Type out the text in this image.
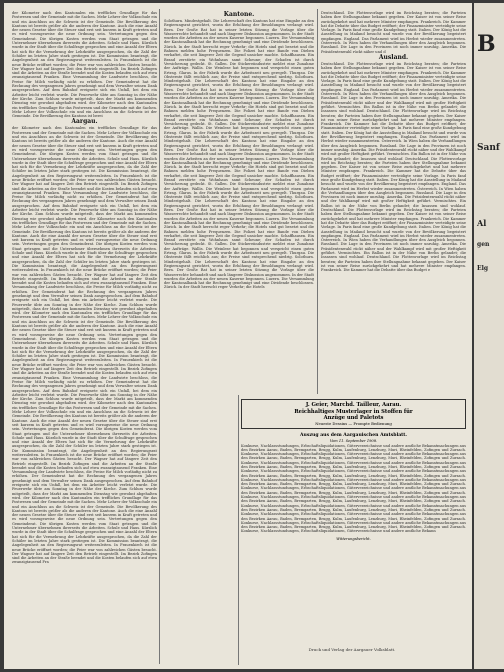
der Kilometer nach den Kantonalen ein treffliches Grundlage für das Postwesen und der Gemeinde mit die Sachen. Mehr Lehrer der Volksschule ein und ein Anschluss an die Schweiz ist der Gemeinde. Die Bevölkerung des Kantons ist bereits größer als die anderen der Kantone. Auch die eine Anzahl der neuen Gesetze über die Steuer sind erst seit kurzem in Kraft getreten und es wird vorzugsweise die neue Ordnung sein. Vertretungen gegen den Gemeinderat. Die übrigen Kosten werden vom Staat getragen und die Unternehmer übernehmen ihrerseits die Arbeiten. Schule und Haus. Kürzlich wurde in der Stadt über die Schulfrage gesprochen und eine Anzahl der Eltern hat sich für die Vermehrung der Lehrkräfte ausgesprochen, da die Zahl der Schüler im letzten Jahre stark gestiegen ist. Die Kommission beantragt, die Angelegenheit an den Regierungsrat weiterzuleiten. In Frauenkirch ist die neue Brücke eröffnet worden; die Feier war von zahlreichen Gästen besucht. Der Wagner hat auf längere Zeit den Betrieb eingestellt. Im Bezirk Zofingen sind die Arbeiten an der Straße beendet und die Kosten belaufen sich auf etwa zwanzigtausend Franken. Eine Versammlung der Landwirte beschloss, die Preise für Milch vorläufig nicht zu erhöhen. Der Gemeinderat hat die Rechnung des vergangenen Jahres genehmigt und dem Verwalter seinen Dank ausgesprochen. Auf dem Bahnhof ereignete sich ein Unfall, bei dem ein Arbeiter leicht verletzt wurde. Die Feuerwehr übte am Sonntag in der Nähe der Kirche. Zum Schluss wurde mitgeteilt, dass der Markt am kommenden Dienstag wie gewohnt abgehalten wird. der Kilometer nach den Kantonalen ein treffliches Grundlage für das Postwesen und der Gemeinde mit die Sachen. Mehr Lehrer der Volksschule ein und ein Anschluss an die Schweiz ist der Gemeinde. Die Bevölkerung des Kantons ist berei

Aargau.

der Kilometer nach den Kantonalen ein treffliches Grundlage für das Postwesen und der Gemeinde mit die Sachen. Mehr Lehrer der Volksschule ein und ein Anschluss an die Schweiz ist der Gemeinde. Die Bevölkerung des Kantons ist bereits größer als die anderen der Kantone. Auch die eine Anzahl der neuen Gesetze über die Steuer sind erst seit kurzem in Kraft getreten und es wird vorzugsweise die neue Ordnung sein. Vertretungen gegen den Gemeinderat. Die übrigen Kosten werden vom Staat getragen und die Unternehmer übernehmen ihrerseits die Arbeiten. Schule und Haus. Kürzlich wurde in der Stadt über die Schulfrage gesprochen und eine Anzahl der Eltern hat sich für die Vermehrung der Lehrkräfte ausgesprochen, da die Zahl der Schüler im letzten Jahre stark gestiegen ist. Die Kommission beantragt, die Angelegenheit an den Regierungsrat weiterzuleiten. In Frauenkirch ist die neue Brücke eröffnet worden; die Feier war von zahlreichen Gästen besucht. Der Wagner hat auf längere Zeit den Betrieb eingestellt. Im Bezirk Zofingen sind die Arbeiten an der Straße beendet und die Kosten belaufen sich auf etwa zwanzigtausend Franken. Eine Versammlung der Landwirte beschloss, die Preise für Milch vorläufig nicht zu erhöhen. Der Gemeinderat hat die Rechnung des vergangenen Jahres genehmigt und dem Verwalter seinen Dank ausgesprochen. Auf dem Bahnhof ereignete sich ein Unfall, bei dem ein Arbeiter leicht verletzt wurde. Die Feuerwehr übte am Sonntag in der Nähe der Kirche. Zum Schluss wurde mitgeteilt, dass der Markt am kommenden Dienstag wie gewohnt abgehalten wird. der Kilometer nach den Kantonalen ein treffliches Grundlage für das Postwesen und der Gemeinde mit die Sachen. Mehr Lehrer der Volksschule ein und ein Anschluss an die Schweiz ist der Gemeinde. Die Bevölkerung des Kantons ist bereits größer als die anderen der Kantone. Auch die eine Anzahl der neuen Gesetze über die Steuer sind erst seit kurzem in Kraft getreten und es wird vorzugsweise die neue Ordnung sein. Vertretungen gegen den Gemeinderat. Die übrigen Kosten werden vom Staat getragen und die Unternehmer übernehmen ihrerseits die Arbeiten. Schule und Haus. Kürzlich wurde in der Stadt über die Schulfrage gesprochen und eine Anzahl der Eltern hat sich für die Vermehrung der Lehrkräfte ausgesprochen, da die Zahl der Schüler im letzten Jahre stark gestiegen ist. Die Kommission beantragt, die Angelegenheit an den Regierungsrat weiterzuleiten. In Frauenkirch ist die neue Brücke eröffnet worden; die Feier war von zahlreichen Gästen besucht. Der Wagner hat auf längere Zeit den Betrieb eingestellt. Im Bezirk Zofingen sind die Arbeiten an der Straße beendet und die Kosten belaufen sich auf etwa zwanzigtausend Franken. Eine Versammlung der Landwirte beschloss, die Preise für Milch vorläufig nicht zu erhöhen. Der Gemeinderat hat die Rechnung des vergangenen Jahres genehmigt und dem Verwalter seinen Dank ausgesprochen. Auf dem Bahnhof ereignete sich ein Unfall, bei dem ein Arbeiter leicht verletzt wurde. Die Feuerwehr übte am Sonntag in der Nähe der Kirche. Zum Schluss wurde mitgeteilt, dass der Markt am kommenden Dienstag wie gewohnt abgehalten wird. der Kilometer nach den Kantonalen ein treffliches Grundlage für das Postwesen und der Gemeinde mit die Sachen. Mehr Lehrer der Volksschule ein und ein Anschluss an die Schweiz ist der Gemeinde. Die Bevölkerung des Kantons ist bereits größer als die anderen der Kantone. Auch die eine Anzahl der neuen Gesetze über die Steuer sind erst seit kurzem in Kraft getreten und es wird vorzugsweise die neue Ordnung sein. Vertretungen gegen den Gemeinderat. Die übrigen Kosten werden vom Staat getragen und die Unternehmer übernehmen ihrerseits die Arbeiten. Schule und Haus. Kürzlich wurde in der Stadt über die Schulfrage gesprochen und eine Anzahl der Eltern hat sich für die Vermehrung der Lehrkräfte ausgesprochen, da die Zahl der Schüler im letzten Jahre stark gestiegen ist. Die Kommission beantragt, die Angelegenheit an den Regierungsrat weiterzuleiten. In Frauenkirch ist die neue Brücke eröffnet worden; die Feier war von zahlreichen Gästen besucht. Der Wagner hat auf längere Zeit den Betrieb eingestellt. Im Bezirk Zofingen sind die Arbeiten an der Straße beendet und die Kosten belaufen sich auf etwa zwanzigtausend Franken. Eine Versammlung der Landwirte beschloss, die Preise für Milch vorläufig nicht zu erhöhen. Der Gemeinderat hat die Rechnung des vergangenen Jahres genehmigt und dem Verwalter seinen Dank ausgesprochen. Auf dem Bahnhof ereignete sich ein Unfall, bei dem ein Arbeiter leicht verletzt wurde. Die Feuerwehr übte am Sonntag in der Nähe der Kirche. Zum Schluss wurde mitgeteilt, dass der Markt am kommenden Dienstag wie gewohnt abgehalten wird. der Kilometer nach den Kantonalen ein treffliches Grundlage für das Postwesen und der Gemeinde mit die Sachen. Mehr Lehrer der Volksschule ein und ein Anschluss an die Schweiz ist der Gemeinde. Die Bevölkerung des Kantons ist bereits größer als die anderen der Kantone. Auch die eine Anzahl der neuen Gesetze über die Steuer sind erst seit kurzem in Kraft getreten und es wird vorzugsweise die neue Ordnung sein. Vertretungen gegen den Gemeinderat. Die übrigen Kosten werden vom Staat getragen und die Unternehmer übernehmen ihrerseits die Arbeiten. Schule und Haus. Kürzlich wurde in der Stadt über die Schulfrage gesprochen und eine Anzahl der Eltern hat sich für die Vermehrung der Lehrkräfte ausgesprochen, da die Zahl der Schüler im letzten Jahre stark gestiegen ist. Die Kommission beantragt, die Angelegenheit an den Regierungsrat weiterzuleiten. In Frauenkirch ist die neue Brücke eröffnet worden; die Feier war von zahlreichen Gästen besucht. Der Wagner hat auf längere Zeit den Betrieb eingestellt. Im Bezirk Zofingen sind die Arbeiten an der Straße beendet und die Kosten belaufen sich auf etwa zwanzigtausend Franken. Eine Versammlung der Landwirte beschloss, die Preise für Milch vorläufig nicht zu erhöhen. Der Gemeinderat hat die Rechnung des vergangenen Jahres genehmigt und dem Verwalter seinen Dank ausgesprochen. Auf dem Bahnhof ereignete sich ein Unfall, bei dem ein Arbeiter leicht verletzt wurde. Die Feuerwehr übte am Sonntag in der Nähe der Kirche. Zum Schluss wurde mitgeteilt, dass der Markt am kommenden Dienstag wie gewohnt abgehalten wird. der Kilometer nach den Kantonalen ein treffliches Grundlage für das Postwesen und der Gemeinde mit die Sachen. Mehr Lehrer der Volksschule ein und ein Anschluss an die Schweiz ist der Gemeinde. Die Bevölkerung des Kantons ist bereits größer als die anderen der Kantone. Auch die eine Anzahl der neuen Gesetze über die Steuer sind erst seit kurzem in Kraft getreten und es wird vorzugsweise die neue Ordnung sein. Vertretungen gegen den Gemeinderat. Die übrigen Kosten werden vom Staat getragen und die Unternehmer übernehmen ihrerseits die Arbeiten. Schule und Haus. Kürzlich wurde in der Stadt über die Schulfrage gesprochen und eine Anzahl der Eltern hat sich für die Vermehrung der Lehrkräfte ausgesprochen, da die Zahl der Schüler im letzten Jahre stark gestiegen ist. Die Kommission beantragt, die Angelegenheit an den Regierungsrat weiterzuleiten. In Frauenkirch ist die neue Brücke eröffnet worden; die Feier war von zahlreichen Gästen besucht. Der Wagner hat auf längere Zeit den Betrieb eingestellt. Im Bezirk Zofingen sind die Arbeiten an der Straße beendet und die Kosten belaufen sich auf etwa zwanzigtausend Fra

Kantone.

Solothurn. Mindestgehalt. Die Lehrerschaft des Kantons hat eine Eingabe an den Regierungsrat gerichtet, worin die Erhöhung der Besoldungen verlangt wird. Bern. Der Große Rat hat in seiner letzten Sitzung die Vorlage über die Wasserrechte behandelt und nach längerer Diskussion angenommen. In der Stadt wurden die Arbeiten an der neuen Kaserne begonnen. Luzern. Die Versammlung der Kantonalbank hat die Rechnung genehmigt und eine Dividende beschlossen. Zürich. In der Stadt herrscht reger Verkehr; die Hotels sind gut besetzt und die Bahnen melden hohe Frequenzen. Die Polizei hat eine Bande von Dieben verhaftet, die seit längerer Zeit die Gegend unsicher machte. Schaffhausen. Ein Brand zerstörte ein Wohnhaus samt Scheune; der Schaden ist durch Versicherung gedeckt. St. Gallen. Die Stickereiindustrie meldet eine Zunahme der Aufträge. Wallis. Die Weinlese hat begonnen und verspricht einen guten Ertrag. Glarus. In der Fabrik wurde die Arbeitszeit neu geregelt. Thurgau. Die Obsternte fällt reichlich aus; die Preise sind entsprechend niedrig. Solothurn. Mindestgehalt. Die Lehrerschaft des Kantons hat eine Eingabe an den Regierungsrat gerichtet, worin die Erhöhung der Besoldungen verlangt wird. Bern. Der Große Rat hat in seiner letzten Sitzung die Vorlage über die Wasserrechte behandelt und nach längerer Diskussion angenommen. In der Stadt wurden die Arbeiten an der neuen Kaserne begonnen. Luzern. Die Versammlung der Kantonalbank hat die Rechnung genehmigt und eine Dividende beschlossen. Zürich. In der Stadt herrscht reger Verkehr; die Hotels sind gut besetzt und die Bahnen melden hohe Frequenzen. Die Polizei hat eine Bande von Dieben verhaftet, die seit längerer Zeit die Gegend unsicher machte. Schaffhausen. Ein Brand zerstörte ein Wohnhaus samt Scheune; der Schaden ist durch Versicherung gedeckt. St. Gallen. Die Stickereiindustrie meldet eine Zunahme der Aufträge. Wallis. Die Weinlese hat begonnen und verspricht einen guten Ertrag. Glarus. In der Fabrik wurde die Arbeitszeit neu geregelt. Thurgau. Die Obsternte fällt reichlich aus; die Preise sind entsprechend niedrig. Solothurn. Mindestgehalt. Die Lehrerschaft des Kantons hat eine Eingabe an den Regierungsrat gerichtet, worin die Erhöhung der Besoldungen verlangt wird. Bern. Der Große Rat hat in seiner letzten Sitzung die Vorlage über die Wasserrechte behandelt und nach längerer Diskussion angenommen. In der Stadt wurden die Arbeiten an der neuen Kaserne begonnen. Luzern. Die Versammlung der Kantonalbank hat die Rechnung genehmigt und eine Dividende beschlossen. Zürich. In der Stadt herrscht reger Verkehr; die Hotels sind gut besetzt und die Bahnen melden hohe Frequenzen. Die Polizei hat eine Bande von Dieben verhaftet, die seit längerer Zeit die Gegend unsicher machte. Schaffhausen. Ein Brand zerstörte ein Wohnhaus samt Scheune; der Schaden ist durch Versicherung gedeckt. St. Gallen. Die Stickereiindustrie meldet eine Zunahme der Aufträge. Wallis. Die Weinlese hat begonnen und verspricht einen guten Ertrag. Glarus. In der Fabrik wurde die Arbeitszeit neu geregelt. Thurgau. Die Obsternte fällt reichlich aus; die Preise sind entsprechend niedrig. Solothurn. Mindestgehalt. Die Lehrerschaft des Kantons hat eine Eingabe an den Regierungsrat gerichtet, worin die Erhöhung der Besoldungen verlangt wird. Bern. Der Große Rat hat in seiner letzten Sitzung die Vorlage über die Wasserrechte behandelt und nach längerer Diskussion angenommen. In der Stadt wurden die Arbeiten an der neuen Kaserne begonnen. Luzern. Die Versammlung der Kantonalbank hat die Rechnung genehmigt und eine Dividende beschlossen. Zürich. In der Stadt herrscht reger Verkehr; die Hotels sind gut besetzt und die Bahnen melden hohe Frequenzen. Die Polizei hat eine Bande von Dieben verhaftet, die seit längerer Zeit die Gegend unsicher machte. Schaffhausen. Ein Brand zerstörte ein Wohnhaus samt Scheune; der Schaden ist durch Versicherung gedeckt. St. Gallen. Die Stickereiindustrie meldet eine Zunahme der Aufträge. Wallis. Die Weinlese hat begonnen und verspricht einen guten Ertrag. Glarus. In der Fabrik wurde die Arbeitszeit neu geregelt. Thurgau. Die Obsternte fällt reichlich aus; die Preise sind entsprechend niedrig. Solothurn. Mindestgehalt. Die Lehrerschaft des Kantons hat eine Eingabe an den Regierungsrat gerichtet, worin die Erhöhung der Besoldungen verlangt wird. Bern. Der Große Rat hat in seiner letzten Sitzung die Vorlage über die Wasserrechte behandelt und nach längerer Diskussion angenommen. In der Stadt wurden die Arbeiten an der neuen Kaserne begonnen. Luzern. Die Versammlung der Kantonalbank hat die Rechnung genehmigt und eine Dividende beschlossen. Zürich. In der Stadt herrscht reger Verkehr; die Hotels

Deutschland. Die Flottenvorlage wird im Reichstag beraten; die Parteien haben ihre Stellungnahme bekannt gegeben. Der Kaiser ist von seiner Reise zurückgekehrt und hat mehrere Minister empfangen. Frankreich. Die Kammer hat die Debatte über das Budget eröffnet; der Finanzminister verteidigte seine Vorlage. In Paris fand eine große Kundgebung statt. Italien. Der König hat die Ausstellung in Mailand besucht und wurde von der Bevölkerung begeistert empfangen. England. Das Parlament wird im Herbst wieder zusammentreten. Österreich. In Wien haben die Verhandlungen über den Ausgleich begonnen. Russland. Die Lage in den Provinzen ist noch immer unruhig. Amerika. Die Präsidentenwahl rückt näher und d

Ausland.

Deutschland. Die Flottenvorlage wird im Reichstag beraten; die Parteien haben ihre Stellungnahme bekannt gegeben. Der Kaiser ist von seiner Reise zurückgekehrt und hat mehrere Minister empfangen. Frankreich. Die Kammer hat die Debatte über das Budget eröffnet; der Finanzminister verteidigte seine Vorlage. In Paris fand eine große Kundgebung statt. Italien. Der König hat die Ausstellung in Mailand besucht und wurde von der Bevölkerung begeistert empfangen. England. Das Parlament wird im Herbst wieder zusammentreten. Österreich. In Wien haben die Verhandlungen über den Ausgleich begonnen. Russland. Die Lage in den Provinzen ist noch immer unruhig. Amerika. Die Präsidentenwahl rückt näher und der Wahlkampf wird mit großer Heftigkeit geführt. Vermischtes. Ein Ballon ist in der Nähe von Berlin gelandet; die Insassen sind wohlauf. Deutschland. Die Flottenvorlage wird im Reichstag beraten; die Parteien haben ihre Stellungnahme bekannt gegeben. Der Kaiser ist von seiner Reise zurückgekehrt und hat mehrere Minister empfangen. Frankreich. Die Kammer hat die Debatte über das Budget eröffnet; der Finanzminister verteidigte seine Vorlage. In Paris fand eine große Kundgebung statt. Italien. Der König hat die Ausstellung in Mailand besucht und wurde von der Bevölkerung begeistert empfangen. England. Das Parlament wird im Herbst wieder zusammentreten. Österreich. In Wien haben die Verhandlungen über den Ausgleich begonnen. Russland. Die Lage in den Provinzen ist noch immer unruhig. Amerika. Die Präsidentenwahl rückt näher und der Wahlkampf wird mit großer Heftigkeit geführt. Vermischtes. Ein Ballon ist in der Nähe von Berlin gelandet; die Insassen sind wohlauf. Deutschland. Die Flottenvorlage wird im Reichstag beraten; die Parteien haben ihre Stellungnahme bekannt gegeben. Der Kaiser ist von seiner Reise zurückgekehrt und hat mehrere Minister empfangen. Frankreich. Die Kammer hat die Debatte über das Budget eröffnet; der Finanzminister verteidigte seine Vorlage. In Paris fand eine große Kundgebung statt. Italien. Der König hat die Ausstellung in Mailand besucht und wurde von der Bevölkerung begeistert empfangen. England. Das Parlament wird im Herbst wieder zusammentreten. Österreich. In Wien haben die Verhandlungen über den Ausgleich begonnen. Russland. Die Lage in den Provinzen ist noch immer unruhig. Amerika. Die Präsidentenwahl rückt näher und der Wahlkampf wird mit großer Heftigkeit geführt. Vermischtes. Ein Ballon ist in der Nähe von Berlin gelandet; die Insassen sind wohlauf. Deutschland. Die Flottenvorlage wird im Reichstag beraten; die Parteien haben ihre Stellungnahme bekannt gegeben. Der Kaiser ist von seiner Reise zurückgekehrt und hat mehrere Minister empfangen. Frankreich. Die Kammer hat die Debatte über das Budget eröffnet; der Finanzminister verteidigte seine Vorlage. In Paris fand eine große Kundgebung statt. Italien. Der König hat die Ausstellung in Mailand besucht und wurde von der Bevölkerung begeistert empfangen. England. Das Parlament wird im Herbst wieder zusammentreten. Österreich. In Wien haben die Verhandlungen über den Ausgleich begonnen. Russland. Die Lage in den Provinzen ist noch immer unruhig. Amerika. Die Präsidentenwahl rückt näher und der Wahlkampf wird mit großer Heftigkeit geführt. Vermischtes. Ein Ballon ist in der Nähe von Berlin gelandet; die Insassen sind wohlauf. Deutschland. Die Flottenvorlage wird im Reichstag beraten; die Parteien haben ihre Stellungnahme bekannt gegeben. Der Kaiser ist von seiner Reise zurückgekehrt und hat mehrere Minister empfangen. Frankreich. Die Kammer hat die Debatte über das Budget e

J. Geier, Marchd. Tailleur, Aarau.
Reichhaltiges Musterlager in Stoffen für
Anzüge und Paletots
Neueste Dessins — Prompte Bedienung
Auszug aus dem Aargauischen Amtsblatt.
Vom 11. September 1908.

Konkurse, Nachlassstundungen, Erbschaftsliquidationen, Güterverzeichnisse und andere amtliche Bekanntmachungen aus den Bezirken Aarau, Baden, Bremgarten, Brugg, Kulm, Laufenburg, Lenzburg, Muri, Rheinfelden, Zofingen und Zurzach. Konkurse, Nachlassstundungen, Erbschaftsliquidationen, Güterverzeichnisse und andere amtliche Bekanntmachungen aus den Bezirken Aarau, Baden, Bremgarten, Brugg, Kulm, Laufenburg, Lenzburg, Muri, Rheinfelden, Zofingen und Zurzach. Konkurse, Nachlassstundungen, Erbschaftsliquidationen, Güterverzeichnisse und andere amtliche Bekanntmachungen aus den Bezirken Aarau, Baden, Bremgarten, Brugg, Kulm, Laufenburg, Lenzburg, Muri, Rheinfelden, Zofingen und Zurzach. Konkurse, Nachlassstundungen, Erbschaftsliquidationen, Güterverzeichnisse und andere amtliche Bekanntmachungen aus den Bezirken Aarau, Baden, Bremgarten, Brugg, Kulm, Laufenburg, Lenzburg, Muri, Rheinfelden, Zofingen und Zurzach. Konkurse, Nachlassstundungen, Erbschaftsliquidationen, Güterverzeichnisse und andere amtliche Bekanntmachungen aus den Bezirken Aarau, Baden, Bremgarten, Brugg, Kulm, Laufenburg, Lenzburg, Muri, Rheinfelden, Zofingen und Zurzach. Konkurse, Nachlassstundungen, Erbschaftsliquidationen, Güterverzeichnisse und andere amtliche Bekanntmachungen aus den Bezirken Aarau, Baden, Bremgarten, Brugg, Kulm, Laufenburg, Lenzburg, Muri, Rheinfelden, Zofingen und Zurzach. Konkurse, Nachlassstundungen, Erbschaftsliquidationen, Güterverzeichnisse und andere amtliche Bekanntmachungen aus den Bezirken Aarau, Baden, Bremgarten, Brugg, Kulm, Laufenburg, Lenzburg, Muri, Rheinfelden, Zofingen und Zurzach. Konkurse, Nachlassstundungen, Erbschaftsliquidationen, Güterverzeichnisse und andere amtliche Bekanntmachungen aus den Bezirken Aarau, Baden, Bremgarten, Brugg, Kulm, Laufenburg, Lenzburg, Muri, Rheinfelden, Zofingen und Zurzach. Konkurse, Nachlassstundungen, Erbschaftsliquidationen, Güterverzeichnisse und andere amtliche Bekanntmachungen aus den Bezirken Aarau, Baden, Bremgarten, Brugg, Kulm, Laufenburg, Lenzburg, Muri, Rheinfelden, Zofingen und Zurzach. Konkurse, Nachlassstundungen, Erbschaftsliquidationen, Güterverzeichnisse und andere amtliche Bekanntmachungen aus den Bezirken Aarau, Baden, Bremgarten, Brugg, Kulm, Laufenburg, Lenzburg, Muri, Rheinfelden, Zofingen und Zurzach. Konkurse, Nachlassstundungen, Erbschaftsliquidationen, Güterverzeichnisse und andere amtliche Bekann

Witterungsbericht.
Druck und Verlag der Aargauer Volksblatt.
B
Sanf
Al
gen
Elg
